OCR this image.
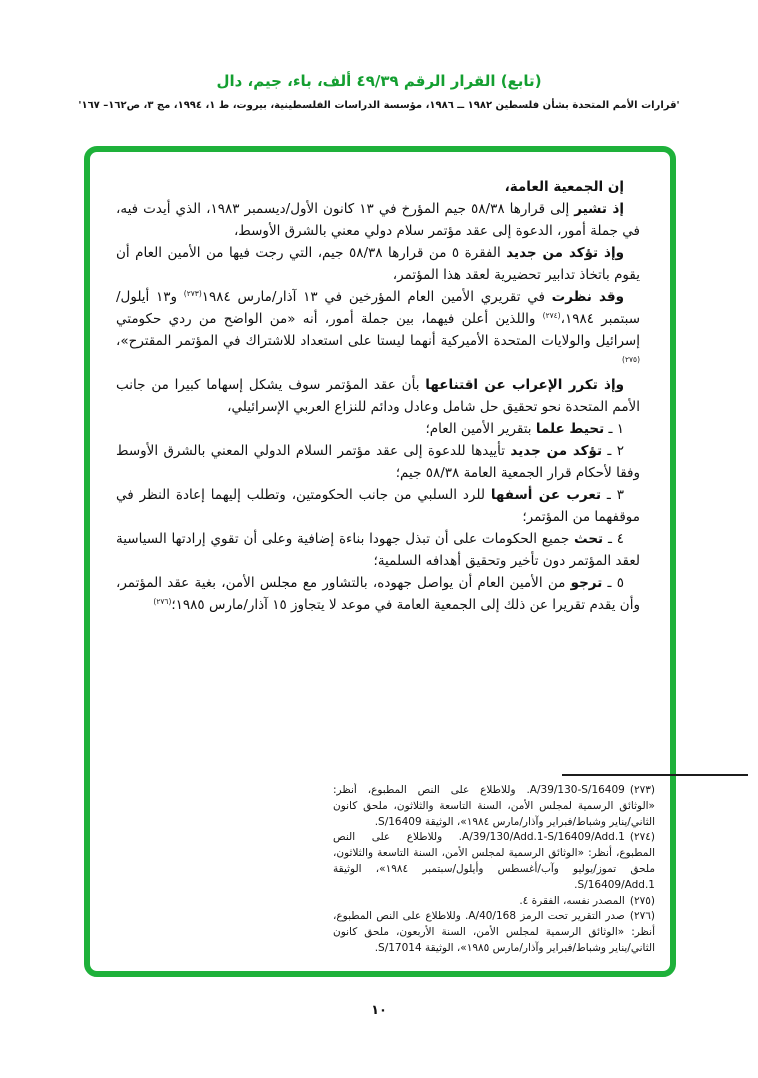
(تابع) القرار الرقم ٤٩/٣٩ ألف، باء، جيم، دال
'قرارات الأمم المتحدة بشأن فلسطين ١٩٨٢ ــ ١٩٨٦، مؤسسة الدراسات الفلسطينية، بيروت، ط ١، ١٩٩٤، مج ٣، ص١٦٢– ١٦٧'

إن الجمعية العامة،

إذ تشير إلى قرارها ٥٨/٣٨ جيم المؤرخ في ١٣ كانون الأول/ديسمبر ١٩٨٣، الذي أيدت فيه، في جملة أمور، الدعوة إلى عقد مؤتمر سلام دولي معني بالشرق الأوسط،

وإذ تؤكد من جديد الفقرة ٥ من قرارها ٥٨/٣٨ جيم، التي رجت فيها من الأمين العام أن يقوم باتخاذ تدابير تحضيرية لعقد هذا المؤتمر،

وقد نظرت في تقريري الأمين العام المؤرخين في ١٣ آذار/مارس ١٩٨٤$^{(٢٧٣)}$ و١٣ أيلول/سبتمبر ١٩٨٤،$^{(٢٧٤)}$ واللذين أعلن فيهما، بين جملة أمور، أنه «من الواضح من ردي حكومتي إسرائيل والولايات المتحدة الأميركية أنهما ليستا على استعداد للاشتراك في المؤتمر المقترح»،$^{(٢٧٥)}$

وإذ تكرر الإعراب عن اقتناعها بأن عقد المؤتمر سوف يشكل إسهاما كبيرا من جانب الأمم المتحدة نحو تحقيق حل شامل وعادل ودائم للنزاع العربي الإسرائيلي،

١ ـ تحيط علما بتقرير الأمين العام؛

٢ ـ تؤكد من جديد تأييدها للدعوة إلى عقد مؤتمر السلام الدولي المعني بالشرق الأوسط وفقا لأحكام قرار الجمعية العامة ٥٨/٣٨ جيم؛

٣ ـ تعرب عن أسفها للرد السلبي من جانب الحكومتين، وتطلب إليهما إعادة النظر في موقفهما من المؤتمر؛

٤ ـ تحث جميع الحكومات على أن تبذل جهودا بناءة إضافية وعلى أن تقوي إرادتها السياسية لعقد المؤتمر دون تأخير وتحقيق أهدافه السلمية؛

٥ ـ ترجو من الأمين العام أن يواصل جهوده، بالتشاور مع مجلس الأمن، بغية عقد المؤتمر، وأن يقدم تقريرا عن ذلك إلى الجمعية العامة في موعد لا يتجاوز ١٥ آذار/مارس ١٩٨٥؛$^{(٢٧٦)}$

(٢٧٣)A/39/130-S/16409. وللاطلاع على النص المطبوع، أنظر: «الوثائق الرسمية لمجلس الأمن، السنة التاسعة والثلاثون، ملحق كانون الثاني/يناير وشباط/فبراير وآذار/مارس ١٩٨٤»، الوثيقة S/16409.

(٢٧٤)A/39/130/Add.1-S/16409/Add.1. وللاطلاع على النص المطبوع، أنظر: «الوثائق الرسمية لمجلس الأمن، السنة التاسعة والثلاثون، ملحق تموز/يوليو وآب/أغسطس وأيلول/سبتمبر ١٩٨٤»، الوثيقة S/16409/Add.1.

(٢٧٥)المصدر نفسه، الفقرة ٤.

(٢٧٦)صدر التقرير تحت الرمز A/40/168. وللاطلاع على النص المطبوع، أنظر: «الوثائق الرسمية لمجلس الأمن، السنة الأربعون، ملحق كانون الثاني/يناير وشباط/فبراير وآذار/مارس ١٩٨٥»، الوثيقة S/17014.

١٠
